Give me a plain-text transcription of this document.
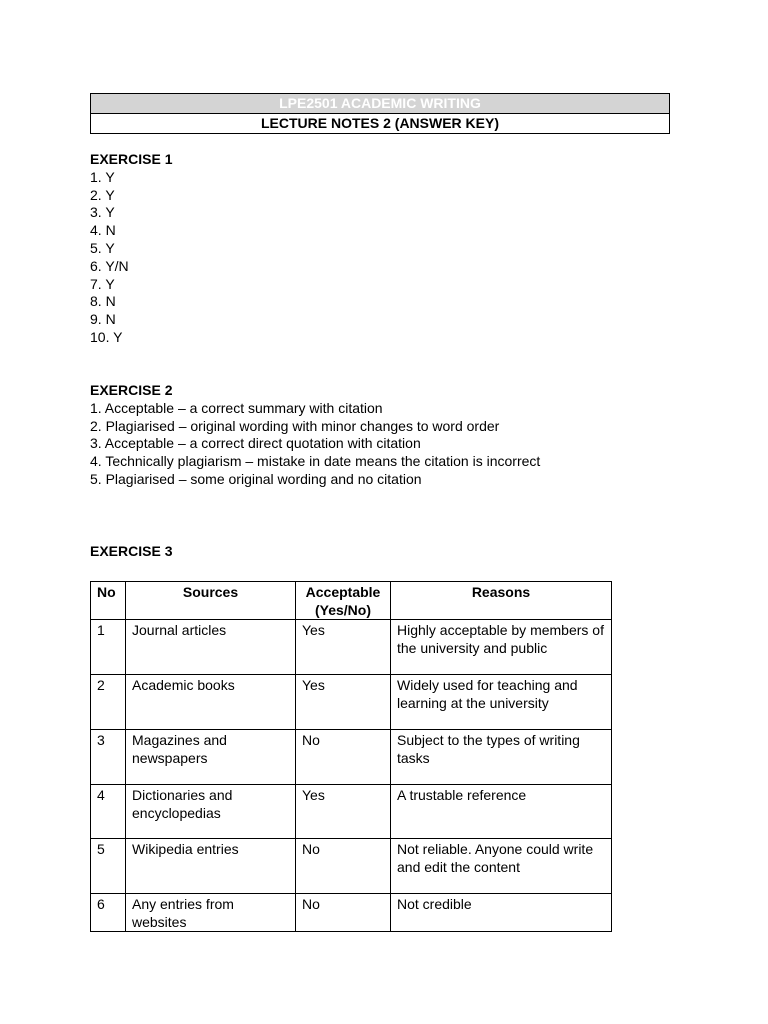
LPE2501 ACADEMIC WRITING
LECTURE NOTES 2 (ANSWER KEY)
EXERCISE 1
1. Y
2. Y
3. Y
4. N
5. Y
6. Y/N
7. Y
8. N
9. N
10. Y
EXERCISE 2
1. Acceptable – a correct summary with citation
2. Plagiarised – original wording with minor changes to word order
3. Acceptable – a correct direct quotation with citation
4. Technically plagiarism – mistake in date means the citation is incorrect
5. Plagiarised – some original wording and no citation
EXERCISE 3
No	Sources	Acceptable (Yes/No)	Reasons
1	Journal articles	Yes	Highly acceptable by members of the university and public
2	Academic books	Yes	Widely used for teaching and learning at the university
3	Magazines and newspapers	No	Subject to the types of writing tasks
4	Dictionaries and encyclopedias	Yes	A trustable reference
5	Wikipedia entries	No	Not reliable. Anyone could write and edit the content
6	Any entries from websites	No	Not credible
